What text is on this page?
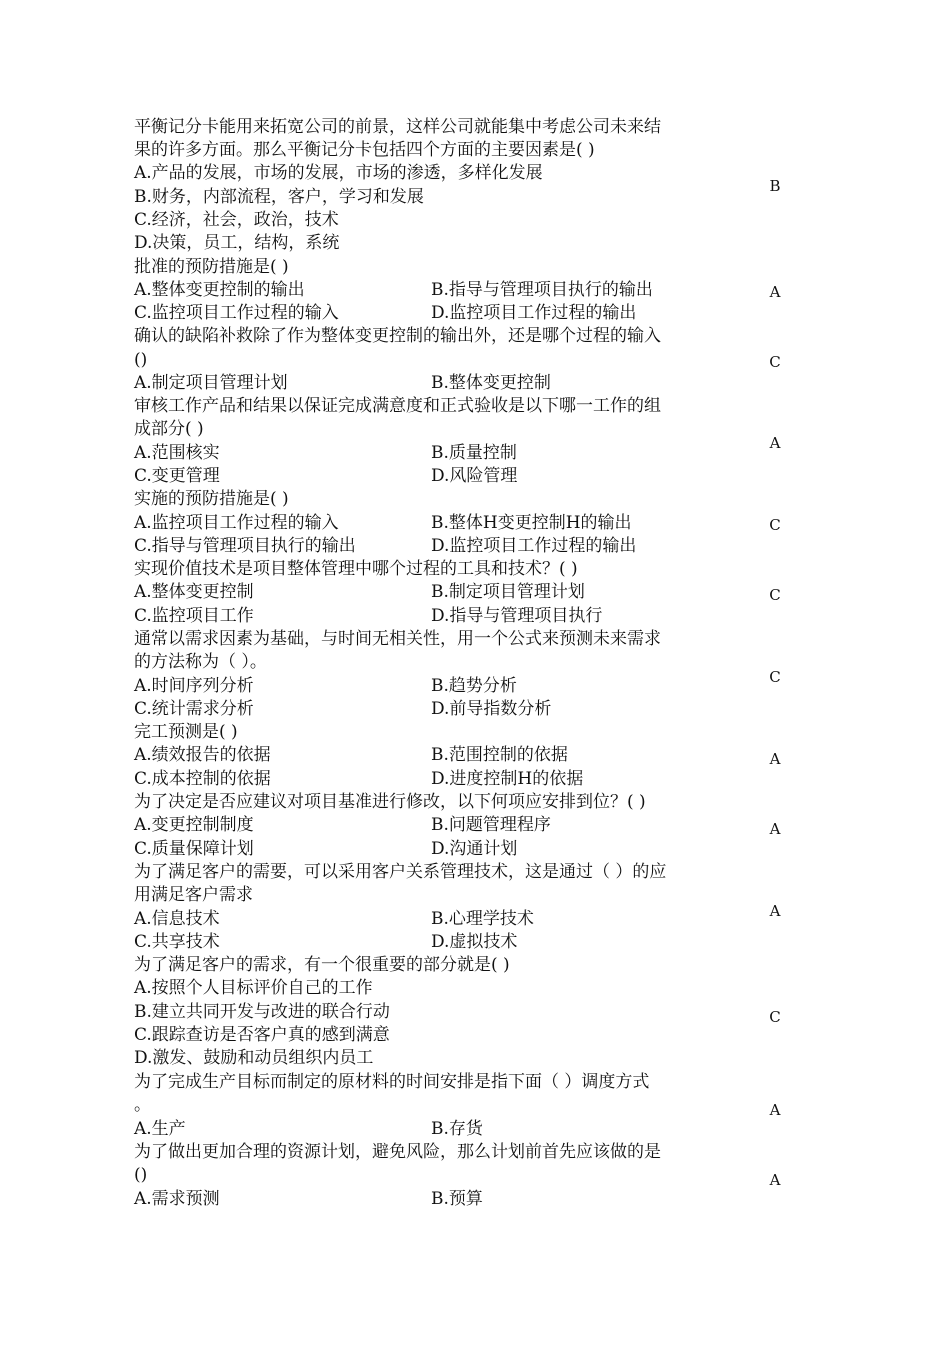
平衡记分卡能用来拓宽公司的前景，这样公司就能集中考虑公司未来结
果的许多方面。那么平衡记分卡包括四个方面的主要因素是( )
A.产品的发展，市场的发展，市场的渗透，多样化发展
B.财务，内部流程，客户，学习和发展
C.经济，社会，政治，技术
D.决策，员工，结构，系统
B
批准的预防措施是( )
A.整体变更控制的输出	B.指导与管理项目执行的输出
C.监控项目工作过程的输入	D.监控项目工作过程的输出
A
确认的缺陷补救除了作为整体变更控制的输出外，还是哪个过程的输入
()
A.制定项目管理计划	B.整体变更控制
C
审核工作产品和结果以保证完成满意度和正式验收是以下哪一工作的组
成部分( )
A.范围核实	B.质量控制
C.变更管理	D.风险管理
A
实施的预防措施是( )
A.监控项目工作过程的输入	B.整体H变更控制H的输出
C.指导与管理项目执行的输出	D.监控项目工作过程的输出
C
实现价值技术是项目整体管理中哪个过程的工具和技术？( )
A.整体变更控制	B.制定项目管理计划
C.监控项目工作	D.指导与管理项目执行
C
通常以需求因素为基础，与时间无相关性，用一个公式来预测未来需求
的方法称为（ ）。
A.时间序列分析	B.趋势分析
C.统计需求分析	D.前导指数分析
C
完工预测是( )
A.绩效报告的依据	B.范围控制的依据
C.成本控制的依据	D.进度控制H的依据
A
为了决定是否应建议对项目基准进行修改，以下何项应安排到位？( )
A.变更控制制度	B.问题管理程序
C.质量保障计划	D.沟通计划
A
为了满足客户的需要，可以采用客户关系管理技术，这是通过（ ）的应
用满足客户需求
A.信息技术	B.心理学技术
C.共享技术	D.虚拟技术
A
为了满足客户的需求，有一个很重要的部分就是( )
A.按照个人目标评价自己的工作
B.建立共同开发与改进的联合行动
C.跟踪查访是否客户真的感到满意
D.激发、鼓励和动员组织内员工
C
为了完成生产目标而制定的原材料的时间安排是指下面（ ）调度方式
。
A.生产	B.存货
A
为了做出更加合理的资源计划，避免风险，那么计划前首先应该做的是
()
A.需求预测	B.预算
A
